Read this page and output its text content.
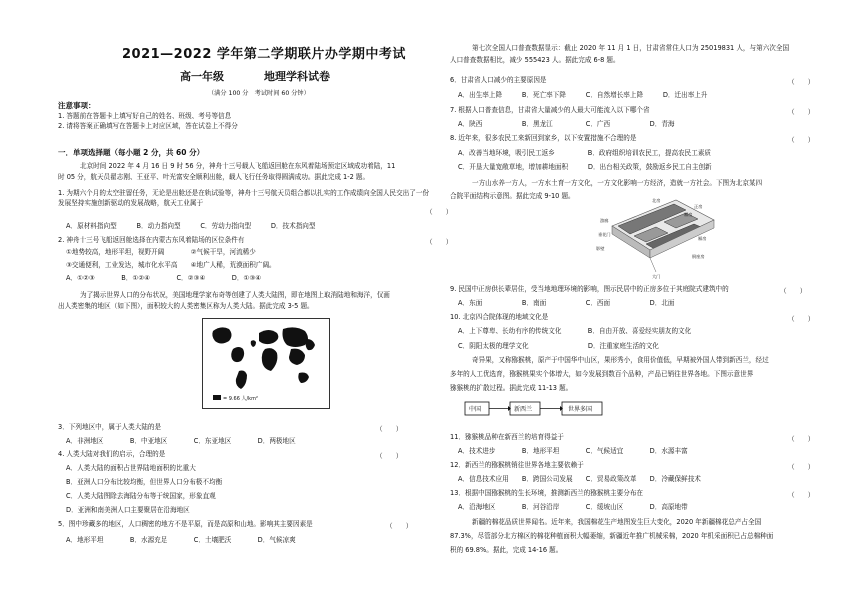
2021—2022 学年第二学期联片办学期中考试
高一年级	地理学科试卷
（满分 100 分　考试时间 60 分钟）
注意事项：
1. 答题前在答题卡上填写好自己的姓名、班级、考号等信息
2. 请将答案正确填写在答题卡上对应区域，答在试卷上不得分
一．单项选择题（每小题 2 分，共 60 分）
北京时间 2022 年 4 月 16 日 9 时 56 分，神舟十三号载人飞船返回舱在东风着陆场预定区域成功着陆，11
时 05 分，航天员翟志刚、王亚平、叶光富安全顺利出舱，载人飞行任务取得圆满成功。据此完成 1-2 题。
1. 为期六个月的太空驻留任务，无论是出舱还是在轨试验等，神舟十三号航天员组合都以扎实的工作成绩向全国人民交出了一份
发展坚持实施创新驱动的发展战略，航天工业属于
（　　）
A．原材料指向型　　　B．动力指向型　　　C．劳动力指向型　　　D．技术指向型
2. 神舟十三号飞船返回舱选择在内蒙古东风着陆场的区位条件有	（　　）
①地势较高，地形平坦，视野开阔　　　　②气候干旱，河流稀少
③交通便利，工业发达，城市化水平高　　④地广人稀，荒漠面积广阔。
A．①②③　　　　B．①②④　　　　C．②③④　　　　D．①③④
为了揭示世界人口的分布状况，美国地理学家布奇等创建了人类大陆图，即在地图上取消陆地和海洋，仅画
出人类密集的地区（如下图），面积较大的人类密集区称为人类大陆。据此完成 3-5 题。
= 9.66 人/km²
3．下列地区中，属于人类大陆的是	（　　）
A．非洲地区　　　　B．中亚地区　　　　C．东亚地区　　　　D．两极地区
4. 人类大陆对我们的启示，合理的是	（　　）
A．人类大陆的面积占世界陆地面积的比重大
B．亚洲人口分布比较均衡，但世界人口分布极不均衡
C．人类大陆图除去海陆分布等于统国家，形象直观
D．亚洲和南美洲人口主要聚居在沿海地区
5．图中珍藏多的地区，人口稠密的地方不是平原，而是高原和山地。影响其主要因素是	（　　）
A．地形平坦　　　　B．水源充足　　　　C．土壤肥沃　　　　D．气候凉爽
第七次全国人口普查数据显示：截止 2020 年 11 月 1 日，甘肃省常住人口为 25019831 人，与第六次全国
人口普查数据相比，减少 555423 人。据此完成 6-8 题。
6．甘肃省人口减少的主要原因是	（　　）
A．出生率上降　　　B．死亡率下降　　　C．自然增长率上降　　　D．迁出率上升
7. 根据人口普查信息，甘肃省大量减少的人最大可能流入以下哪个省	（　　）
A．陕西　　　　　　B．黑龙江　　　　　C．广西　　　　　　D．青海
8. 近年来，很多农民工来新回到家乡，以下安置措施不合理的是	（　　）
A．改善当地环境，吸引民工返乡　　　　　B．政府组织培训农民工，提高农民工素质
C．开垦大量宽敞草地，增加耕地面积　　　D．出台相关政策，鼓励返乡民工自主创新
一方山水养一方人，一方水土育一方文化，一方文化影响一方经济，造就一方社会。下图为北京某四
合院平面结构示意图。据此完成 9-10 题。
北房
厢房
游廊
正房
垂花门
厢房
影壁
大门
倒座房
9. 民国中正房供长辈居住，受当地地理环境的影响，图示民居中的正房多位于其庭院式建筑中的	（　　）
A．东面　　　　　　B．南面　　　　　　C．西面　　　　　　D．北面
10. 北京四合院体现的地域文化是	（　　）
A．上下尊卑、长幼有序的传统文化　　　　B．自由开放、喜爱经实朋友的文化
C．阴阳太极的理学文化　　　　　　　　　D．注重家庭生活的文化
奇异果，又称猕猴桃，原产于中国华中山区，果形秀小，食用价值低，早期被外国人带到新西兰，经过
多年的人工优选育，猕猴桃果实个体增大，如今发展到数百个品种，产品已销往世界各地。下图示意世界
猕猴桃的扩散过程。据此完成 11-13 题。
中国	新西兰	世界多国
11．猕猴桃品种在新西兰的培育得益于	（　　）
A．技术进步　　　　B．地形平坦　　　　C．气候适宜　　　　D．水源丰富
12．新西兰的猕猴桃销往世界各地主要依赖于	（　　）
A．信息技术应用　　B．跨国公司发展　　C．贸易政策改革　　D．冷藏保鲜技术
13．根据中国猕猴桃的生长环境，推测新西兰的猕猴桃主要分布在	（　　）
A．沿海地区　　　　B．河谷沿岸　　　　C．缓坡山区　　　　D．高原地带
新疆的棉花品质世界闻名。近年来，我国棉花生产地图发生巨大变化，2020 年新疆棉花总产占全国
87.3%，尽管部分北方棉区的棉花种植面积大幅萎缩，新疆近年推广机械采棉，2020 年机采面积已占总棉种面
积的 69.8%。据此，完成 14-16 题。
